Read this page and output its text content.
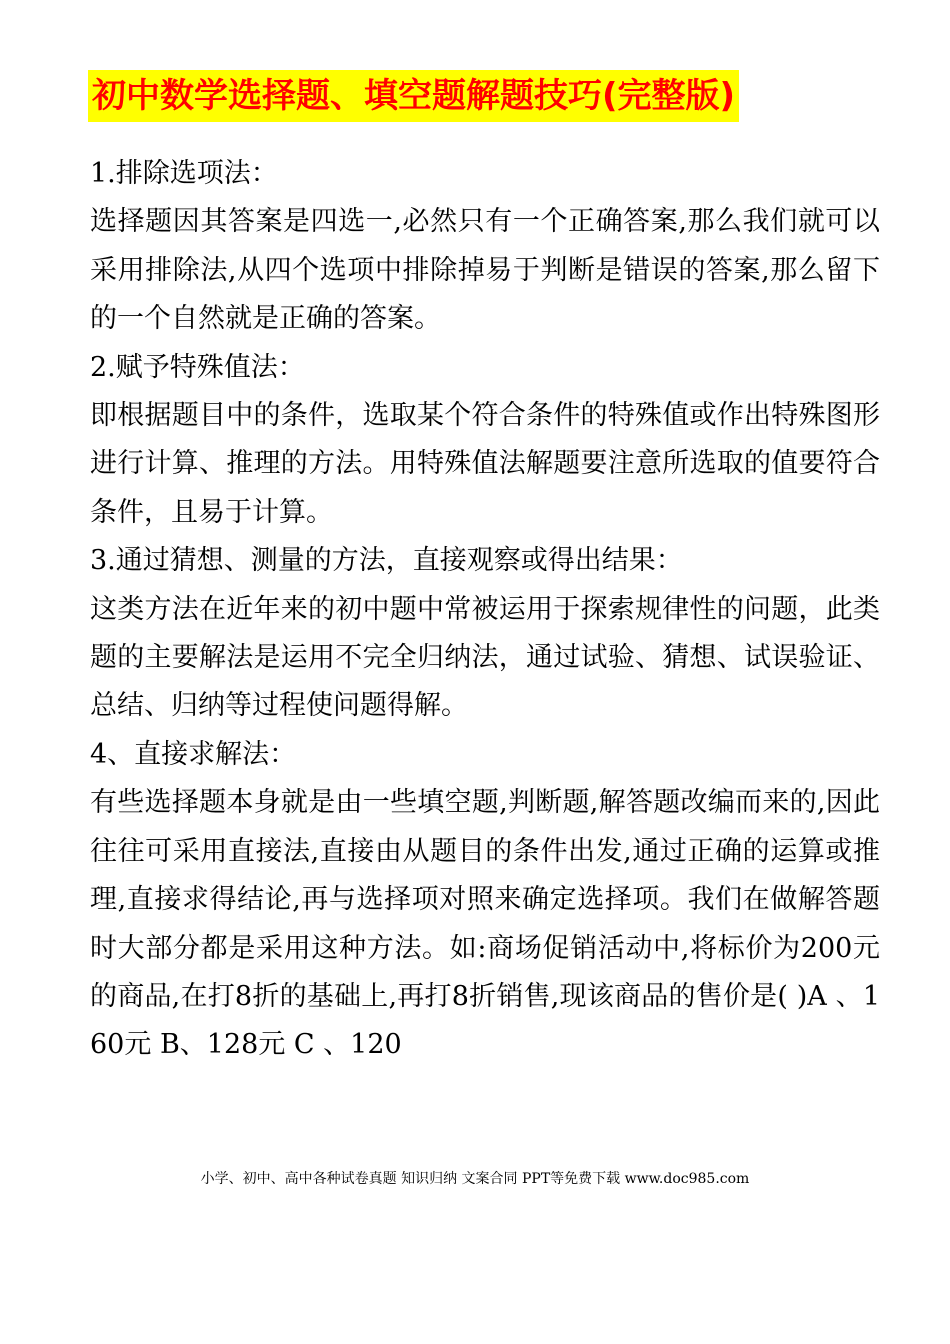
初中数学选择题、填空题解题技巧(完整版)

1.排除选项法：

选择题因其答案是四选一,必然只有一个正确答案,那么我们就可以采用排除法,从四个选项中排除掉易于判断是错误的答案,那么留下的一个自然就是正确的答案。

2.赋予特殊值法：

即根据题目中的条件，选取某个符合条件的特殊值或作出特殊图形进行计算、推理的方法。用特殊值法解题要注意所选取的值要符合条件，且易于计算。

3.通过猜想、测量的方法，直接观察或得出结果：

这类方法在近年来的初中题中常被运用于探索规律性的问题，此类题的主要解法是运用不完全归纳法，通过试验、猜想、试误验证、总结、归纳等过程使问题得解。

4、直接求解法：

有些选择题本身就是由一些填空题,判断题,解答题改编而来的,因此往往可采用直接法,直接由从题目的条件出发,通过正确的运算或推理,直接求得结论,再与选择项对照来确定选择项。我们在做解答题时大部分都是采用这种方法。如:商场促销活动中,将标价为200元的商品,在打8折的基础上,再打8折销售,现该商品的售价是( )A 、160元 B、128元 C 、120

小学、初中、高中各种试卷真题 知识归纳 文案合同 PPT等免费下载 www.doc985.com
